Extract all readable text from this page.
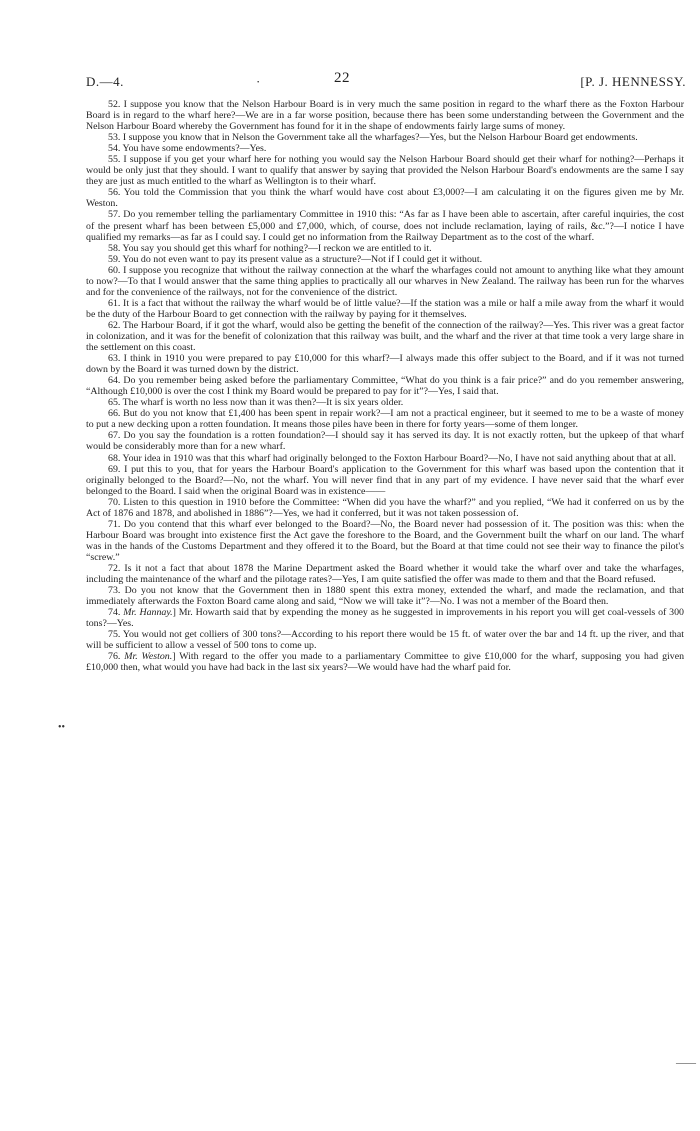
D.—4.	·	22	[P. J. HENNESSY.
••
——

52. I suppose you know that the Nelson Harbour Board is in very much the same position in regard to the wharf there as the Foxton Harbour Board is in regard to the wharf here?—We are in a far worse position, because there has been some understanding between the Government and the Nelson Harbour Board whereby the Government has found for it in the shape of endowments fairly large sums of money.

53. I suppose you know that in Nelson the Government take all the wharfages?—Yes, but the Nelson Harbour Board get endowments.

54. You have some endowments?—Yes.

55. I suppose if you get your wharf here for nothing you would say the Nelson Harbour Board should get their wharf for nothing?—Perhaps it would be only just that they should. I want to qualify that answer by saying that provided the Nelson Harbour Board's endowments are the same I say they are just as much entitled to the wharf as Wellington is to their wharf.

56. You told the Commission that you think the wharf would have cost about £3,000?—I am calculating it on the figures given me by Mr. Weston.

57. Do you remember telling the parliamentary Committee in 1910 this: “As far as I have been able to ascertain, after careful inquiries, the cost of the present wharf has been between £5,000 and £7,000, which, of course, does not include reclamation, laying of rails, &c.”?—I notice I have qualified my remarks—as far as I could say. I could get no information from the Railway Department as to the cost of the wharf.

58. You say you should get this wharf for nothing?—I reckon we are entitled to it.

59. You do not even want to pay its present value as a structure?—Not if I could get it without.

60. I suppose you recognize that without the railway connection at the wharf the wharfages could not amount to anything like what they amount to now?—To that I would answer that the same thing applies to practically all our wharves in New Zealand. The railway has been run for the wharves and for the convenience of the railways, not for the convenience of the district.

61. It is a fact that without the railway the wharf would be of little value?—If the station was a mile or half a mile away from the wharf it would be the duty of the Harbour Board to get connection with the railway by paying for it themselves.

62. The Harbour Board, if it got the wharf, would also be getting the benefit of the connection of the railway?—Yes. This river was a great factor in colonization, and it was for the benefit of colonization that this railway was built, and the wharf and the river at that time took a very large share in the settlement on this coast.

63. I think in 1910 you were prepared to pay £10,000 for this wharf?—I always made this offer subject to the Board, and if it was not turned down by the Board it was turned down by the district.

64. Do you remember being asked before the parliamentary Committee, “What do you think is a fair price?” and do you remember answering, “Although £10,000 is over the cost I think my Board would be prepared to pay for it”?—Yes, I said that.

65. The wharf is worth no less now than it was then?—It is six years older.

66. But do you not know that £1,400 has been spent in repair work?—I am not a practical engineer, but it seemed to me to be a waste of money to put a new decking upon a rotten foundation. It means those piles have been in there for forty years—some of them longer.

67. Do you say the foundation is a rotten foundation?—I should say it has served its day. It is not exactly rotten, but the upkeep of that wharf would be considerably more than for a new wharf.

68. Your idea in 1910 was that this wharf had originally belonged to the Foxton Harbour Board?—No, I have not said anything about that at all.

69. I put this to you, that for years the Harbour Board's application to the Government for this wharf was based upon the contention that it originally belonged to the Board?—No, not the wharf. You will never find that in any part of my evidence. I have never said that the wharf ever belonged to the Board. I said when the original Board was in existence——

70. Listen to this question in 1910 before the Committee: “When did you have the wharf?” and you replied, “We had it conferred on us by the Act of 1876 and 1878, and abolished in 1886”?—Yes, we had it conferred, but it was not taken possession of.

71. Do you contend that this wharf ever belonged to the Board?—No, the Board never had possession of it. The position was this: when the Harbour Board was brought into existence first the Act gave the foreshore to the Board, and the Government built the wharf on our land. The wharf was in the hands of the Customs Department and they offered it to the Board, but the Board at that time could not see their way to finance the pilot's “screw.”

72. Is it not a fact that about 1878 the Marine Department asked the Board whether it would take the wharf over and take the wharfages, including the maintenance of the wharf and the pilotage rates?—Yes, I am quite satisfied the offer was made to them and that the Board refused.

73. Do you not know that the Government then in 1880 spent this extra money, extended the wharf, and made the reclamation, and that immediately afterwards the Foxton Board came along and said, “Now we will take it”?—No. I was not a member of the Board then.

74. Mr. Hannay.] Mr. Howarth said that by expending the money as he suggested in improvements in his report you will get coal-vessels of 300 tons?—Yes.

75. You would not get colliers of 300 tons?—According to his report there would be 15 ft. of water over the bar and 14 ft. up the river, and that will be sufficient to allow a vessel of 500 tons to come up.

76. Mr. Weston.] With regard to the offer you made to a parliamentary Committee to give £10,000 for the wharf, supposing you had given £10,000 then, what would you have had back in the last six years?—We would have had the wharf paid for.
